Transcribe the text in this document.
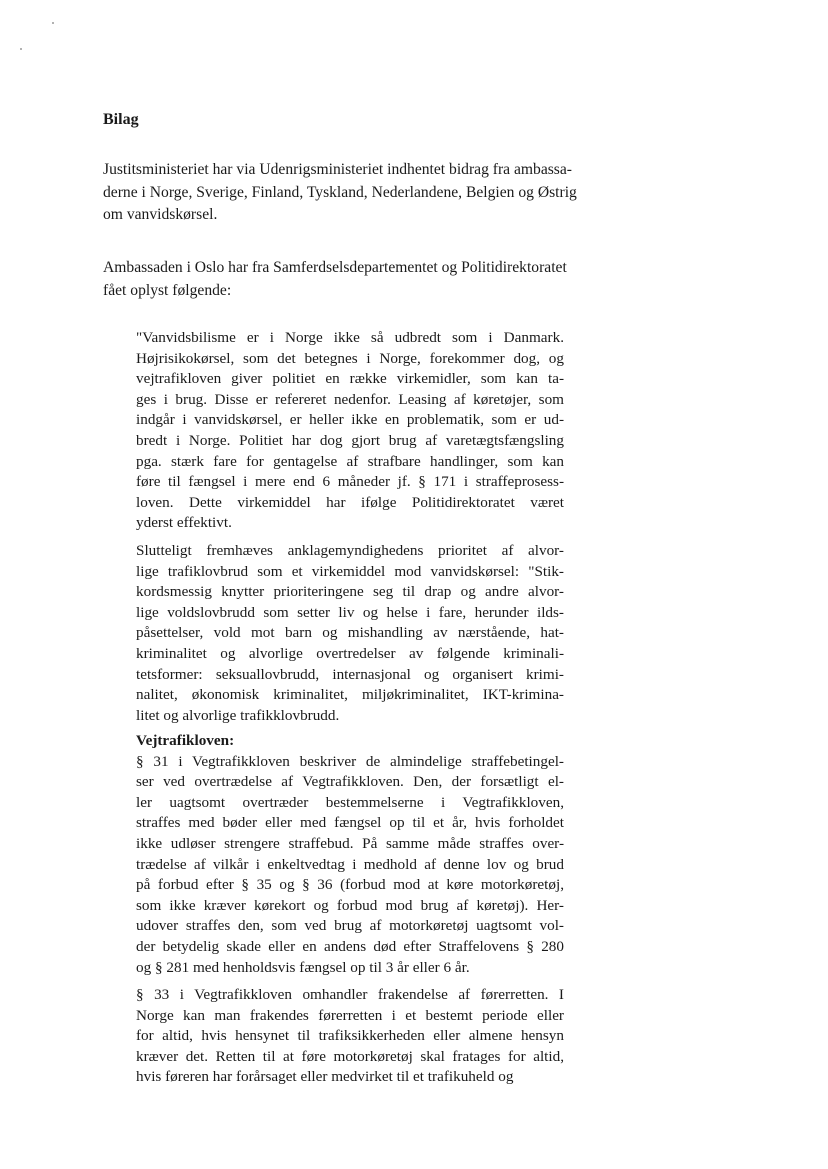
Bilag

Justitsministeriet har via Udenrigsministeriet indhentet bidrag fra ambassa-
derne i Norge, Sverige, Finland, Tyskland, Nederlandene, Belgien og Østrig
om vanvidskørsel.

Ambassaden i Oslo har fra Samferdselsdepartementet og Politidirektoratet
fået oplyst følgende:

"Vanvidsbilisme er i Norge ikke så udbredt som i Danmark.
Højrisikokørsel, som det betegnes i Norge, forekommer dog, og
vejtrafikloven giver politiet en række virkemidler, som kan ta-
ges i brug. Disse er refereret nedenfor. Leasing af køretøjer, som
indgår i vanvidskørsel, er heller ikke en problematik, som er ud-
bredt i Norge. Politiet har dog gjort brug af varetægtsfængsling
pga. stærk fare for gentagelse af strafbare handlinger, som kan
føre til fængsel i mere end 6 måneder jf. § 171 i straffeprosess-
loven. Dette virkemiddel har ifølge Politidirektoratet været
yderst effektivt.

Slutteligt fremhæves anklagemyndighedens prioritet af alvor-
lige trafiklovbrud som et virkemiddel mod vanvidskørsel: "Stik-
kordsmessig knytter prioriteringene seg til drap og andre alvor-
lige voldslovbrudd som setter liv og helse i fare, herunder ilds-
påsettelser, vold mot barn og mishandling av nærstående, hat-
kriminalitet og alvorlige overtredelser av følgende kriminali-
tetsformer: seksuallovbrudd, internasjonal og organisert krimi-
nalitet, økonomisk kriminalitet, miljøkriminalitet, IKT-krimina-
litet og alvorlige trafikklovbrudd.

Vejtrafikloven:
§ 31 i Vegtrafikkloven beskriver de almindelige straffebetingel-
ser ved overtrædelse af Vegtrafikkloven. Den, der forsætligt el-
ler uagtsomt overtræder bestemmelserne i Vegtrafikkloven,
straffes med bøder eller med fængsel op til et år, hvis forholdet
ikke udløser strengere straffebud. På samme måde straffes over-
trædelse af vilkår i enkeltvedtag i medhold af denne lov og brud
på forbud efter § 35 og § 36 (forbud mod at køre motorkøretøj,
som ikke kræver kørekort og forbud mod brug af køretøj). Her-
udover straffes den, som ved brug af motorkøretøj uagtsomt vol-
der betydelig skade eller en andens død efter Straffelovens § 280
og § 281 med henholdsvis fængsel op til 3 år eller 6 år.

§ 33 i Vegtrafikkloven omhandler frakendelse af førerretten. I
Norge kan man frakendes førerretten i et bestemt periode eller
for altid, hvis hensynet til trafiksikkerheden eller almene hensyn
kræver det. Retten til at føre motorkøretøj skal fratages for altid,
hvis føreren har forårsaget eller medvirket til et trafikuheld og
